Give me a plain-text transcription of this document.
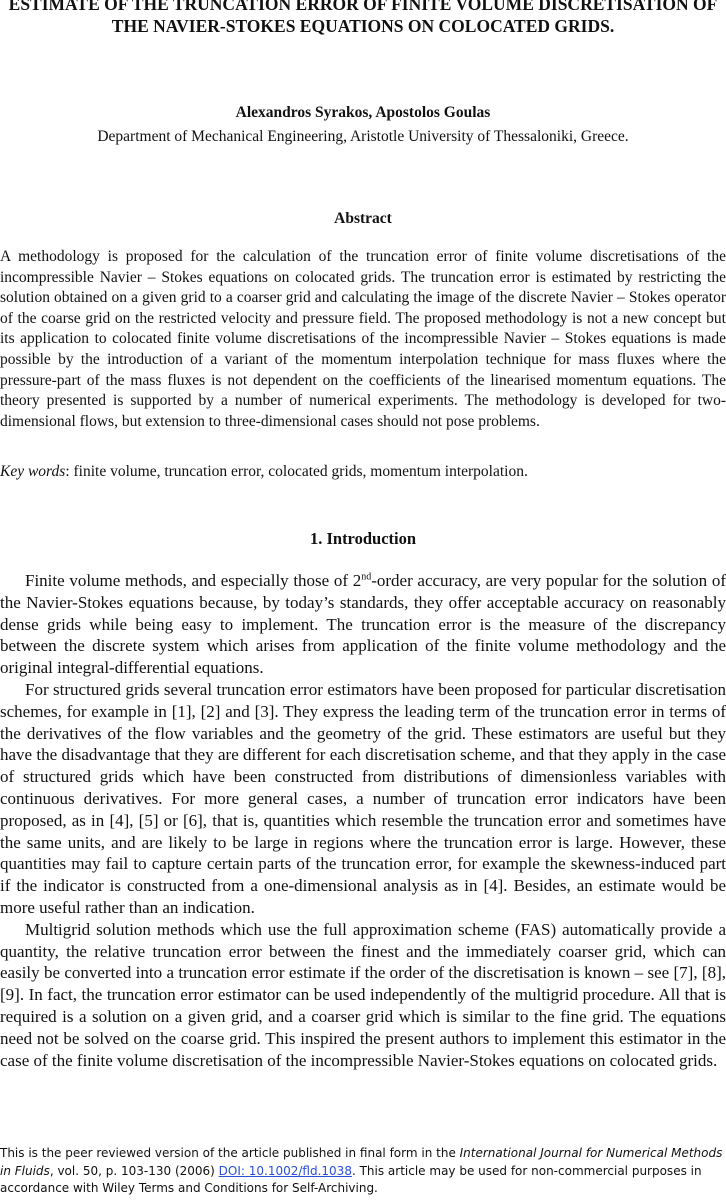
ESTIMATE OF THE TRUNCATION ERROR OF FINITE VOLUME DISCRETISATION OF THE NAVIER-STOKES EQUATIONS ON COLOCATED GRIDS.
Alexandros Syrakos, Apostolos Goulas
Department of Mechanical Engineering, Aristotle University of Thessaloniki, Greece.
Abstract
A methodology is proposed for the calculation of the truncation error of finite volume discretisations of the incompressible Navier – Stokes equations on colocated grids. The truncation error is estimated by restricting the solution obtained on a given grid to a coarser grid and calculating the image of the discrete Navier – Stokes operator of the coarse grid on the restricted velocity and pressure field. The proposed methodology is not a new concept but its application to colocated finite volume discretisations of the incompressible Navier – Stokes equations is made possible by the introduction of a variant of the momentum interpolation technique for mass fluxes where the pressure-part of the mass fluxes is not dependent on the coefficients of the linearised momentum equations. The theory presented is supported by a number of numerical experiments. The methodology is developed for two-dimensional flows, but extension to three-dimensional cases should not pose problems.
Key words: finite volume, truncation error, colocated grids, momentum interpolation.
1. Introduction

Finite volume methods, and especially those of 2nd-order accuracy, are very popular for the solution of the Navier-Stokes equations because, by today’s standards, they offer acceptable accuracy on reasonably dense grids while being easy to implement. The truncation error is the measure of the discrepancy between the discrete system which arises from application of the finite volume methodology and the original integral-differential equations.

For structured grids several truncation error estimators have been proposed for particular discretisation schemes, for example in [1], [2] and [3]. They express the leading term of the truncation error in terms of the derivatives of the flow variables and the geometry of the grid. These estimators are useful but they have the disadvantage that they are different for each discretisation scheme, and that they apply in the case of structured grids which have been constructed from distributions of dimensionless variables with continuous derivatives. For more general cases, a number of truncation error indicators have been proposed, as in [4], [5] or [6], that is, quantities which resemble the truncation error and sometimes have the same units, and are likely to be large in regions where the truncation error is large. However, these quantities may fail to capture certain parts of the truncation error, for example the skewness-induced part if the indicator is constructed from a one-dimensional analysis as in [4]. Besides, an estimate would be more useful rather than an indication.

Multigrid solution methods which use the full approximation scheme (FAS) automatically provide a quantity, the relative truncation error between the finest and the immediately coarser grid, which can easily be converted into a truncation error estimate if the order of the discretisation is known – see [7], [8], [9]. In fact, the truncation error estimator can be used independently of the multigrid procedure. All that is required is a solution on a given grid, and a coarser grid which is similar to the fine grid. The equations need not be solved on the coarse grid. This inspired the present authors to implement this estimator in the case of the finite volume discretisation of the incompressible Navier-Stokes equations on colocated grids.

This is the peer reviewed version of the article published in final form in the International Journal for Numerical Methods in Fluids, vol. 50, p. 103-130 (2006) DOI: 10.1002/fld.1038. This article may be used for non-commercial purposes in accordance with Wiley Terms and Conditions for Self-Archiving.
